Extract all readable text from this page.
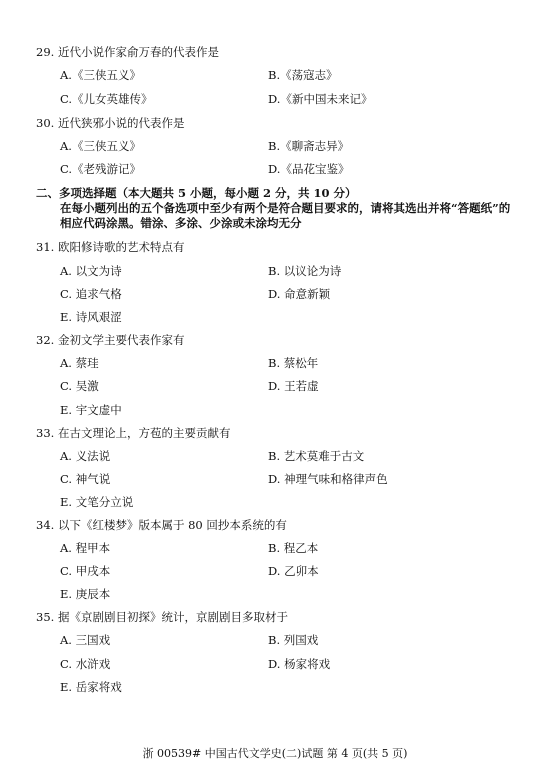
29. 近代小说作家俞万春的代表作是
A.《三侠五义》	B.《荡寇志》
C.《儿女英雄传》	D.《新中国未来记》
30. 近代狭邪小说的代表作是
A.《三侠五义》	B.《聊斋志异》
C.《老残游记》	D.《品花宝鉴》
二、多项选择题（本大题共 5 小题，每小题 2 分，共 10 分）
在每小题列出的五个备选项中至少有两个是符合题目要求的，请将其选出并将“答题纸”的相应代码涂黑。错涂、多涂、少涂或未涂均无分
31. 欧阳修诗歌的艺术特点有
A. 以文为诗	B. 以议论为诗
C. 追求气格	D. 命意新颖
E. 诗风艰涩
32. 金初文学主要代表作家有
A. 蔡珪	B. 蔡松年
C. 吴激	D. 王若虚
E. 宇文虚中
33. 在古文理论上，方苞的主要贡献有
A. 义法说	B. 艺术莫难于古文
C. 神气说	D. 神理气味和格律声色
E. 文笔分立说
34. 以下《红楼梦》版本属于 80 回抄本系统的有
A. 程甲本	B. 程乙本
C. 甲戌本	D. 乙卯本
E. 庚辰本
35. 据《京剧剧目初探》统计，京剧剧目多取材于
A. 三国戏	B. 列国戏
C. 水浒戏	D. 杨家将戏
E. 岳家将戏
浙 00539# 中国古代文学史(二)试题 第 4 页(共 5 页)
